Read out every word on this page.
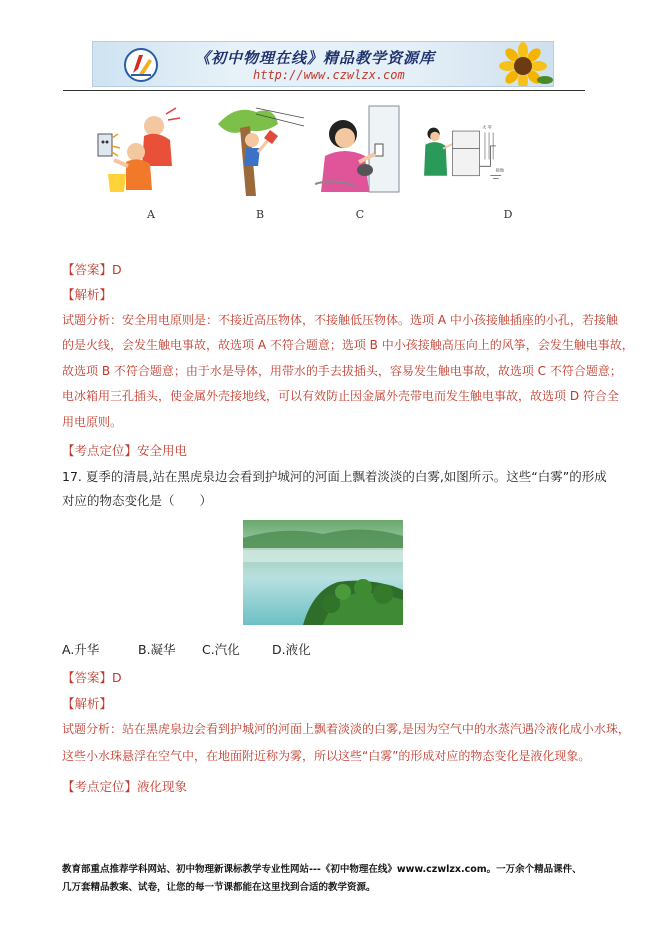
《初中物理在线》精品教学资源库
http://www.czwlzx.com
A	B	C
火 零
接地
D
【答案】D
【解析】
试题分析：安全用电原则是：不接近高压物体，不接触低压物体。选项 A 中小孩接触插座的小孔，若接触
的是火线，会发生触电事故，故选项 A 不符合题意；选项 B 中小孩接触高压向上的风筝，会发生触电事故，
故选项 B 不符合题意；由于水是导体，用带水的手去拔插头，容易发生触电事故，故选项 C 不符合题意；
电冰箱用三孔插头，使金属外壳接地线，可以有效防止因金属外壳带电而发生触电事故，故选项 D 符合全
用电原则。
【考点定位】安全用电
17. 夏季的清晨,站在黑虎泉边会看到护城河的河面上飘着淡淡的白雾,如图所示。这些“白雾”的形成
对应的物态变化是（　　）
A.升华	B.凝华 C.汽化	D.液化
【答案】D
【解析】
试题分析：站在黑虎泉边会看到护城河的河面上飘着淡淡的白雾,是因为空气中的水蒸汽遇冷液化成小水珠，
这些小水珠悬浮在空气中，在地面附近称为雾，所以这些“白雾”的形成对应的物态变化是液化现象。
【考点定位】液化现象
教育部重点推荐学科网站、初中物理新课标教学专业性网站---《初中物理在线》www.czwlzx.com。一万余个精品课件、
几万套精品教案、试卷，让您的每一节课都能在这里找到合适的教学资源。
